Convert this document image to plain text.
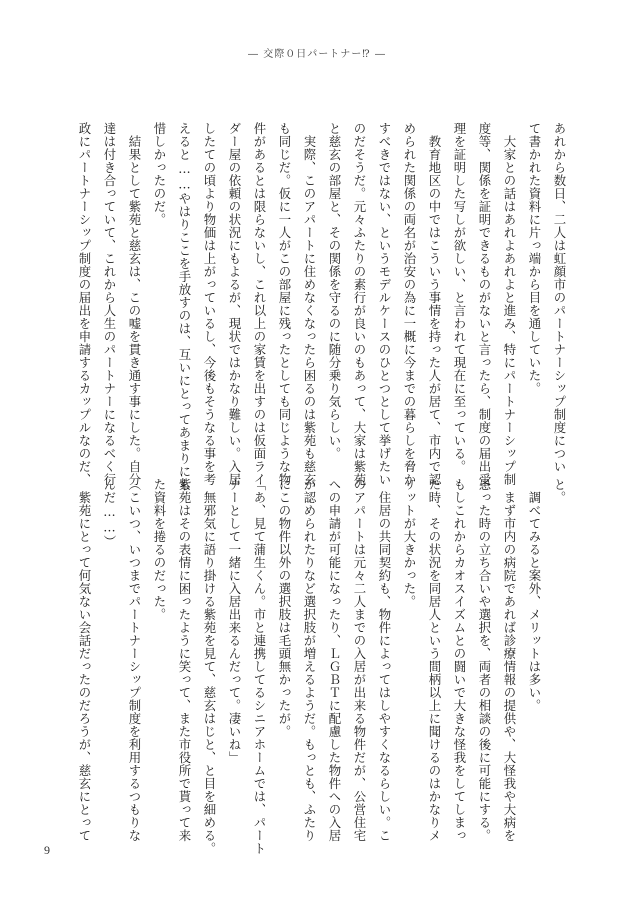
― 交際０日パートナー⁉ ―

あれから数日、二人は虹顔市のパートナーシップ制度につい

て書かれた資料に片っ端から目を通していた。

　大家との話はあれよあれよと進み、特にパートナーシップ制

度等、関係を証明できるものがないと言ったら、制度の届出受

理を証明した写しが欲しい、と言われて現在に至っている。

　教育地区の中ではこういう事情を持った人が居て、市内で認

められた関係の両名が治安の為に一概に今までの暮らしを脅か

すべきではない、というモデルケースのひとつとして挙げたい

のだそうだ。元々ふたりの素行が良いのもあって、大家は紫苑

と慈玄の部屋と、その関係を守るのに随分乗り気らしい。

　実際、このアパートに住めなくなったら困るのは紫苑も慈玄

も同じだ。仮に一人がこの部屋に残ったとしても同じような物

件があるとは限らないし、これ以上の家賃を出すのは仮面ライ

ダー屋の依頼の状況にもよるが、現状ではかなり難しい。入居

したての頃より物価は上がっているし、今後もそうなる事を考

えると……やはりここを手放すのは、互いにとってあまりにも

惜しかったのだ。

　結果として紫苑と慈玄は、この嘘を貫き通す事にした。自分

達は付き合っていて、これから人生のパートナーになるべく行

政にパートナーシップ制度の届出を申請するカップルなのだ、

と。

　調べてみると案外、メリットは多い。

　まず市内の病院であれば診療情報の提供や、大怪我や大病を

患った時の立ち合いや選択を、両者の相談の後に可能にする。

もしこれからカオスイズムとの闘いで大きな怪我をしてしまっ

た時、その状況を同居人という間柄以上に聞けるのはかなりメ

リットが大きかった。

　住居の共同契約も、物件によってはしやすくなるらしい。こ

のアパートは元々二人までの入居が出来る物件だが、公営住宅

への申請が可能になったり、ＬＧＢＴに配慮した物件への入居

が認められたりなど選択肢が増えるようだ。もっとも、ふたり

にこの物件以外の選択肢は毛頭無かったが。

「あ、見て蒲生くん。市と連携してるシニアホームでは、パート

ナーとして一緒に入居出来るんだって。凄いね」

　無邪気に語り掛ける紫苑を見て、慈玄はじと、と目を細める。

紫苑はその表情に困ったように笑って、また市役所で貰って来

た資料を捲るのだった。

（こいつ、いつまでパートナーシップ制度を利用するつもりな

んだ……）

　紫苑にとって何気ない会話だったのだろうが、慈玄にとって

9
